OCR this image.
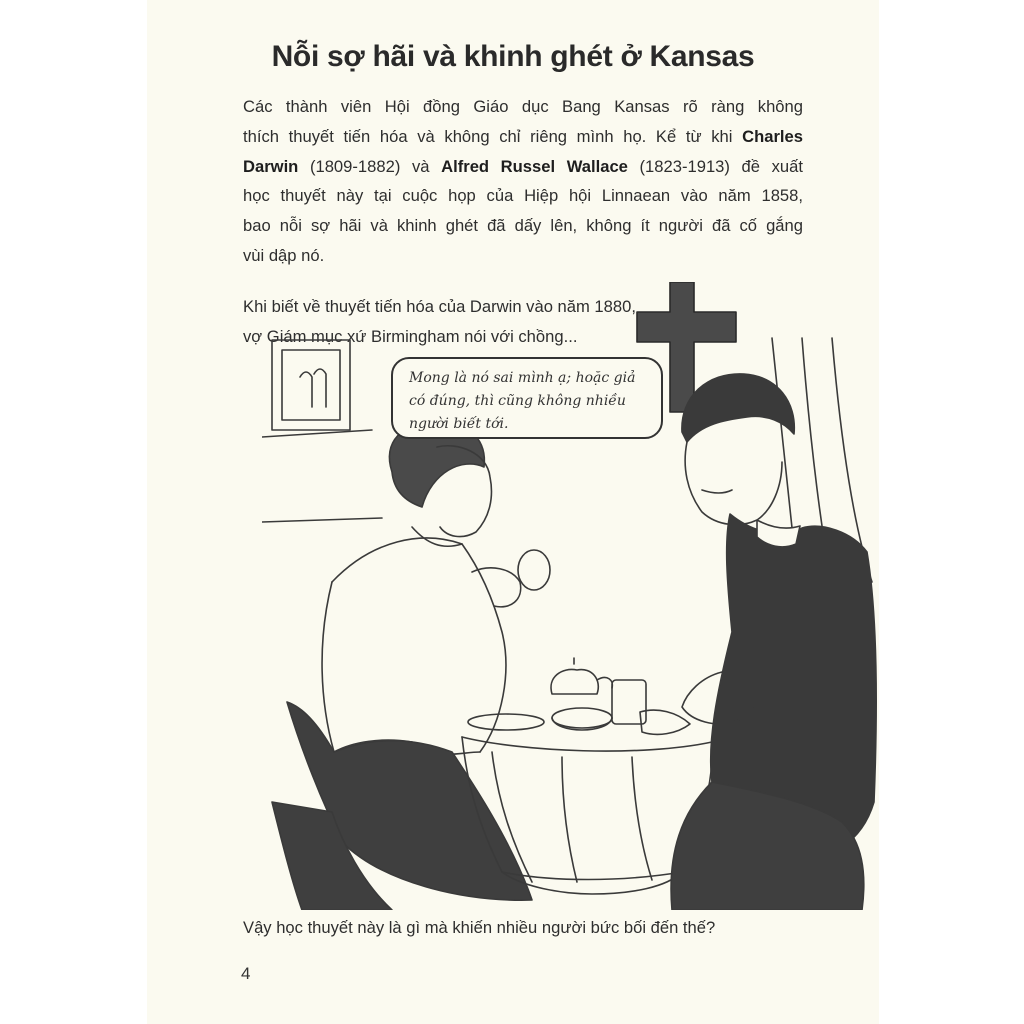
Nỗi sợ hãi và khinh ghét ở Kansas

Các thành viên Hội đồng Giáo dục Bang Kansas rõ ràng không
thích thuyết tiến hóa và không chỉ riêng mình họ. Kể từ khi Charles
Darwin (1809-1882) và Alfred Russel Wallace (1823-1913) đề xuất
học thuyết này tại cuộc họp của Hiệp hội Linnaean vào năm 1858,
bao nỗi sợ hãi và khinh ghét đã dấy lên, không ít người đã cố gắng
vùi dập nó.

Khi biết về thuyết tiến hóa của Darwin vào năm 1880,
vợ Giám mục xứ Birmingham nói với chồng...

Mong là nó sai mình ạ; hoặc giả
có đúng, thì cũng không nhiều
người biết tới.
Vậy học thuyết này là gì mà khiến nhiều người bức bối đến thế?
4
